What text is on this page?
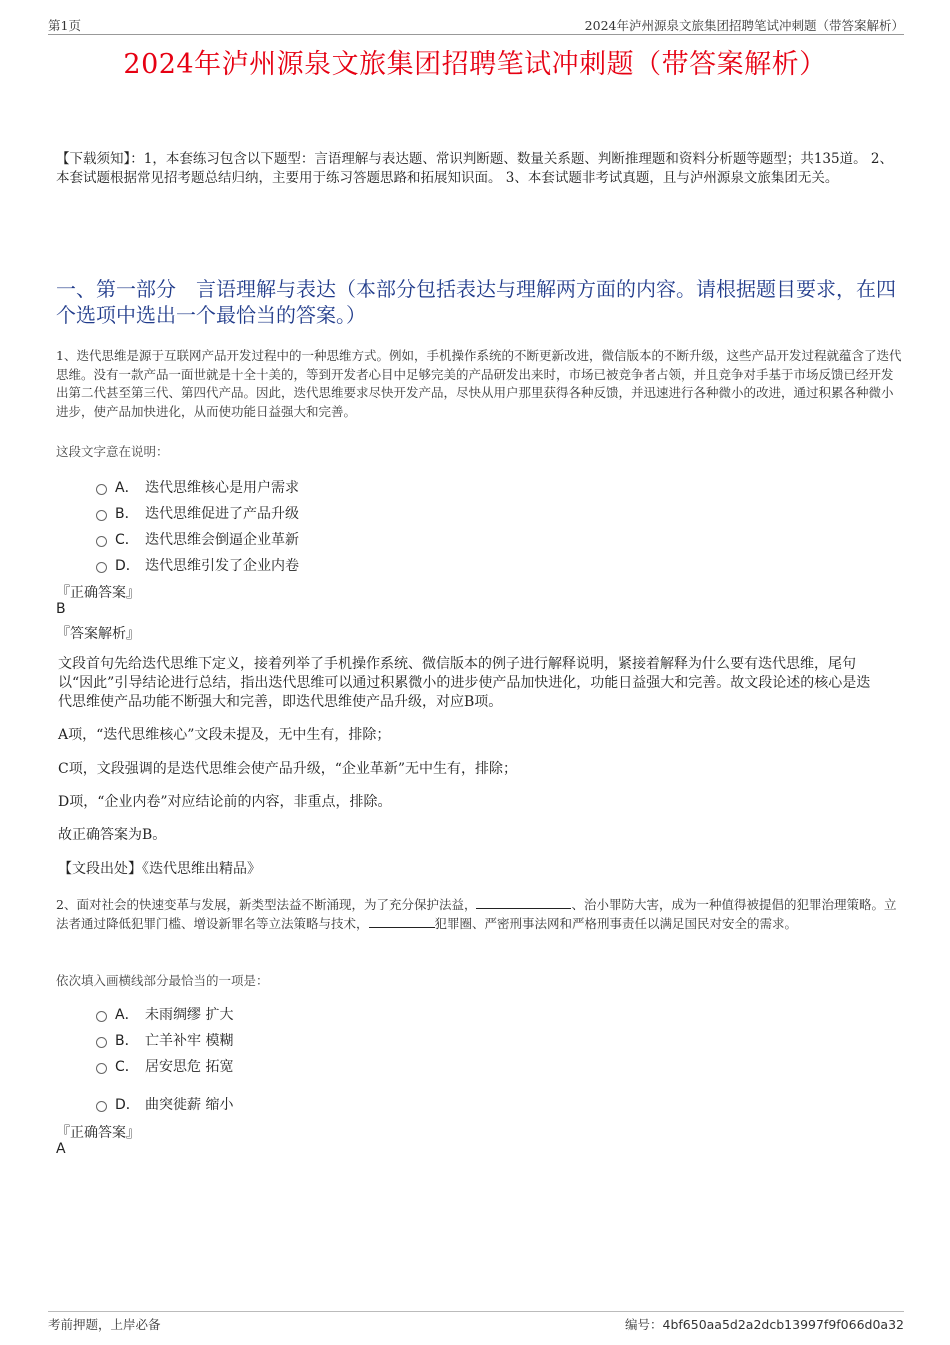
第1页	2024年泸州源泉文旅集团招聘笔试冲刺题（带答案解析）
2024年泸州源泉文旅集团招聘笔试冲刺题（带答案解析）
【下载须知】：1，本套练习包含以下题型：言语理解与表达题、常识判断题、数量关系题、判断推理题和资料分析题等题型；共135道。 2、本套试题根据常见招考题总结归纳，主要用于练习答题思路和拓展知识面。 3、本套试题非考试真题，且与泸州源泉文旅集团无关。
一、第一部分　言语理解与表达（本部分包括表达与理解两方面的内容。请根据题目要求，在四个选项中选出一个最恰当的答案。）
1、迭代思维是源于互联网产品开发过程中的一种思维方式。例如，手机操作系统的不断更新改进，微信版本的不断升级，这些产品开发过程就蕴含了迭代思维。没有一款产品一面世就是十全十美的，等到开发者心目中足够完美的产品研发出来时，市场已被竞争者占领，并且竞争对手基于市场反馈已经开发出第二代甚至第三代、第四代产品。因此，迭代思维要求尽快开发产品，尽快从用户那里获得各种反馈，并迅速进行各种微小的改进，通过积累各种微小进步，使产品加快进化，从而使功能日益强大和完善。
这段文字意在说明：
A． 迭代思维核心是用户需求
B． 迭代思维促进了产品升级
C． 迭代思维会倒逼企业革新
D． 迭代思维引发了企业内卷
『正确答案』
B
『答案解析』
文段首句先给迭代思维下定义，接着列举了手机操作系统、微信版本的例子进行解释说明，紧接着解释为什么要有迭代思维，尾句以“因此”引导结论进行总结，指出迭代思维可以通过积累微小的进步使产品加快进化，功能日益强大和完善。故文段论述的核心是迭代思维使产品功能不断强大和完善，即迭代思维使产品升级，对应B项。
A项，“迭代思维核心”文段未提及，无中生有，排除；
C项，文段强调的是迭代思维会使产品升级，“企业革新”无中生有，排除；
D项，“企业内卷”对应结论前的内容，非重点，排除。
故正确答案为B。
【文段出处】《迭代思维出精品》
2、面对社会的快速变革与发展，新类型法益不断涌现，为了充分保护法益，	、治小罪防大害，成为一种值得被提倡的犯罪治理策略。立法者通过降低犯罪门槛、增设新罪名等立法策略与技术，	犯罪圈、严密刑事法网和严格刑事责任以满足国民对安全的需求。
依次填入画横线部分最恰当的一项是：
A． 未雨绸缪 扩大
B． 亡羊补牢 模糊
C． 居安思危 拓宽
D． 曲突徙薪 缩小
『正确答案』
A
考前押题，上岸必备	编号：4bf650aa5d2a2dcb13997f9f066d0a32
